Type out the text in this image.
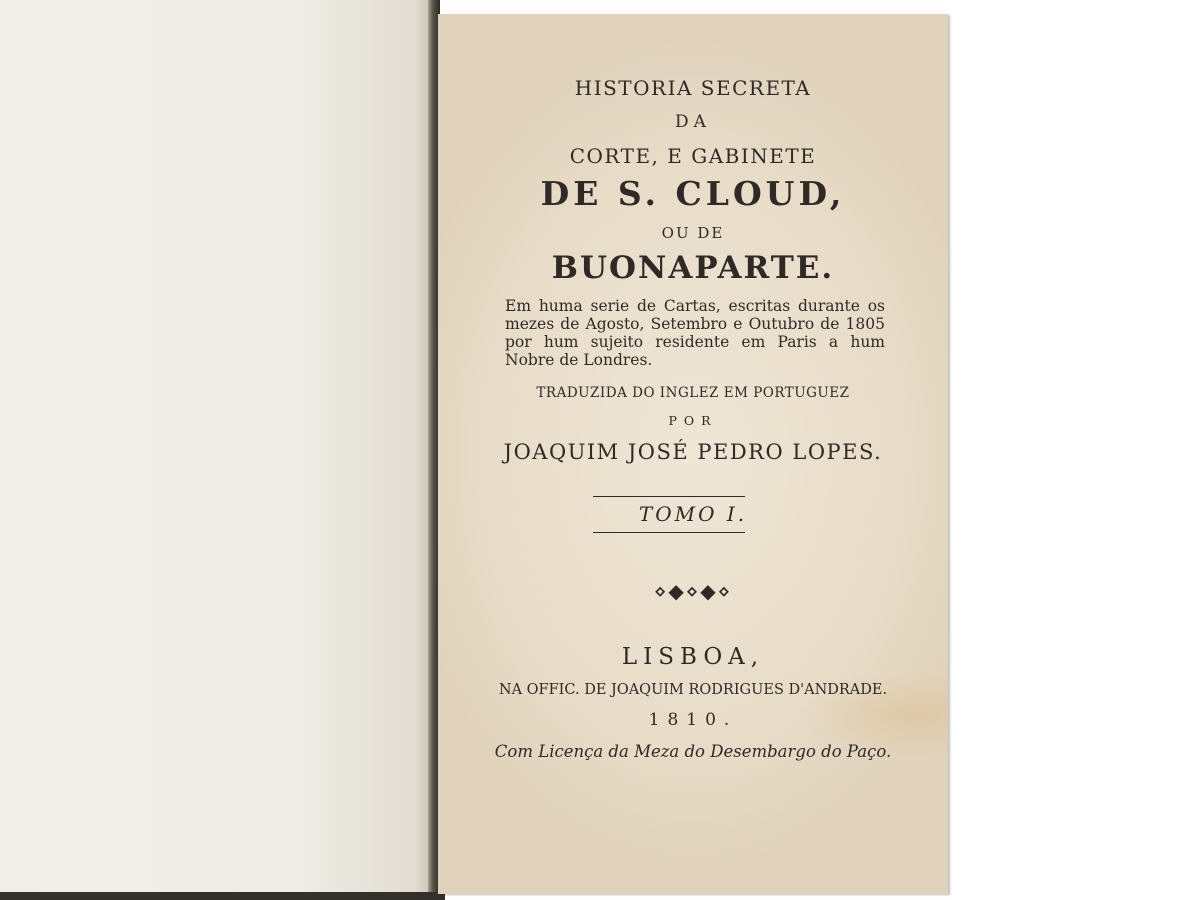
HISTORIA SECRETA
DA
CORTE, E GABINETE
DE S. CLOUD,
OU DE
BUONAPARTE.
Em huma serie de Cartas, escritas durante os mezes de Agosto, Setembro e Outubro de 1805 por hum sujeito residente em Paris a hum Nobre de Londres.
TRADUZIDA DO INGLEZ EM PORTUGUEZ
POR
JOAQUIM JOSÉ PEDRO LOPES.
TOMO I.
⋄◆⋄◆⋄
LISBOA,
NA OFFIC. DE JOAQUIM RODRIGUES D'ANDRADE.
1810.
Com Licença da Meza do Desembargo do Paço.
